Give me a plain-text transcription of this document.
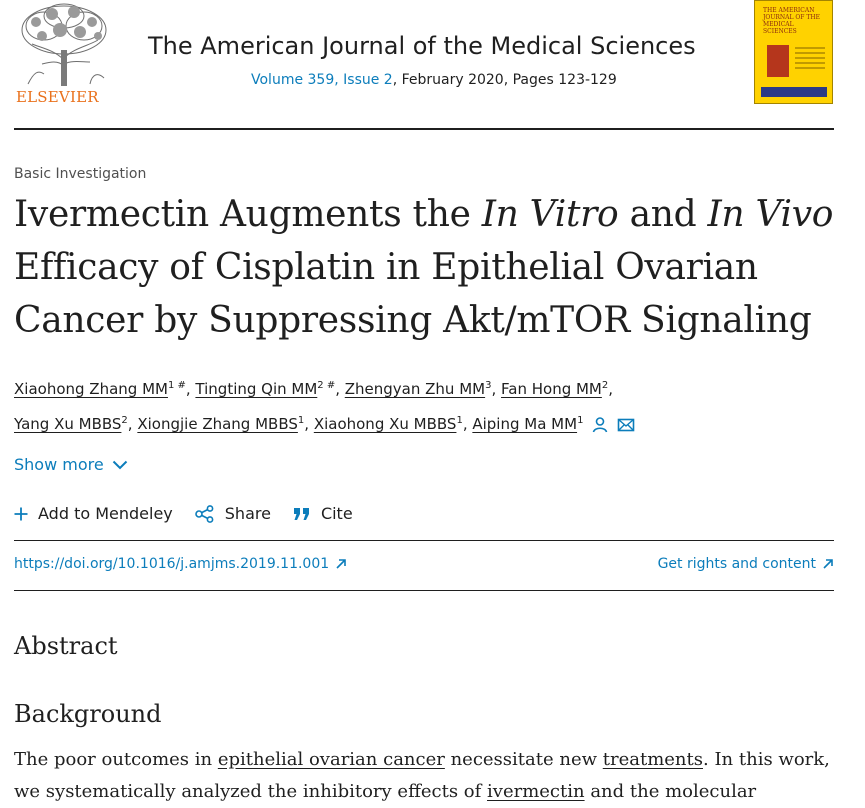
ELSEVIER
The American Journal of the Medical Sciences
Volume 359, Issue 2, February 2020, Pages 123-129
THE AMERICAN JOURNAL OF THE MEDICAL SCIENCES
Basic Investigation
Ivermectin Augments the In Vitro and In Vivo Efficacy of Cisplatin in Epithelial Ovarian Cancer by Suppressing Akt/mTOR Signaling
Xiaohong Zhang $MM^{1 \#}$, Tingting Qin $MM^{2 \#}$, Zhengyan Zhu $MM^3$, Fan Hong $MM^2$,
Yang Xu MBBS$^2$, Xiongjie Zhang MBBS$^1$, Xiaohong Xu MBBS$^1$, Aiping Ma $MM^1$
Show more
Add to Mendeley	Share	Cite
https://doi.org/10.1016/j.amjms.2019.11.001	Get rights and content
Abstract
Background
The poor outcomes in epithelial ovarian cancer necessitate new treatments. In this work, we systematically analyzed the inhibitory effects of ivermectin and the molecular
